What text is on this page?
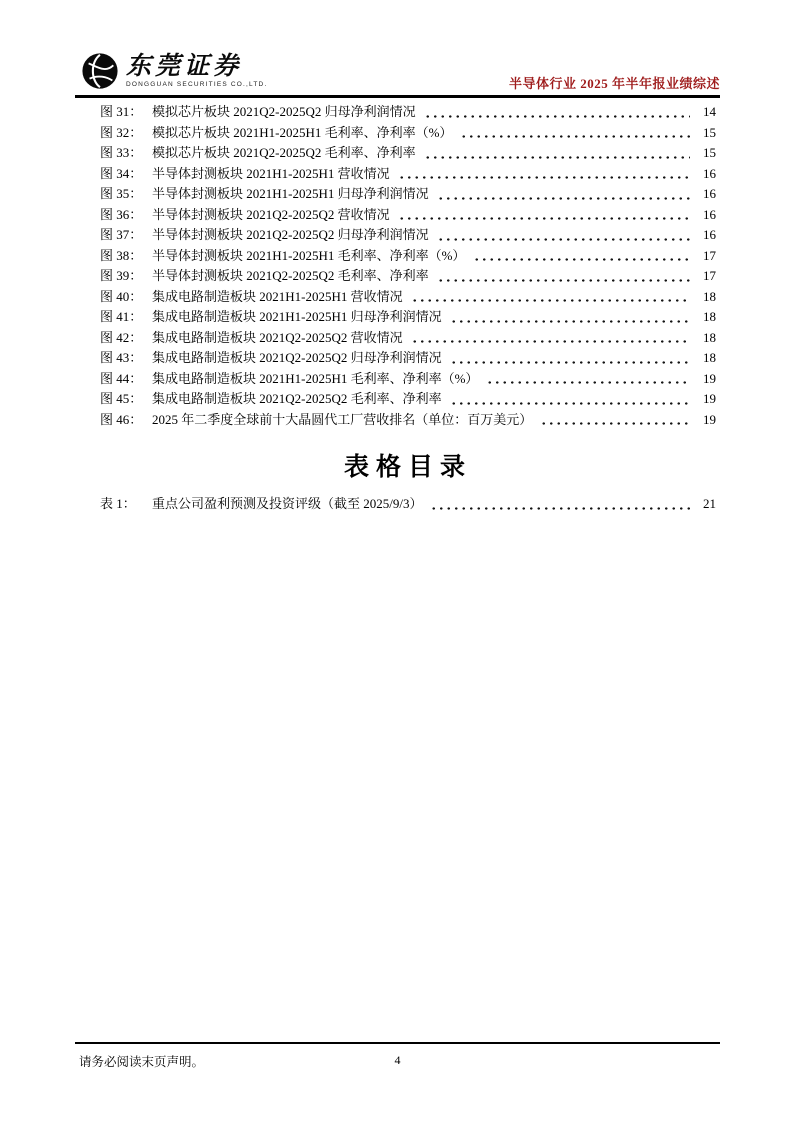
东莞证券
DONGGUAN SECURITIES CO.,LTD.	半导体行业 2025 年半年报业绩综述
图 31： 模拟芯片板块 2021Q2-2025Q2 归母净利润情况	14
图 32： 模拟芯片板块 2021H1-2025H1 毛利率、净利率（%）	15
图 33： 模拟芯片板块 2021Q2-2025Q2 毛利率、净利率	15
图 34： 半导体封测板块 2021H1-2025H1 营收情况	16
图 35： 半导体封测板块 2021H1-2025H1 归母净利润情况	16
图 36： 半导体封测板块 2021Q2-2025Q2 营收情况	16
图 37： 半导体封测板块 2021Q2-2025Q2 归母净利润情况	16
图 38： 半导体封测板块 2021H1-2025H1 毛利率、净利率（%）	17
图 39： 半导体封测板块 2021Q2-2025Q2 毛利率、净利率	17
图 40： 集成电路制造板块 2021H1-2025H1 营收情况	18
图 41： 集成电路制造板块 2021H1-2025H1 归母净利润情况	18
图 42： 集成电路制造板块 2021Q2-2025Q2 营收情况	18
图 43： 集成电路制造板块 2021Q2-2025Q2 归母净利润情况	18
图 44： 集成电路制造板块 2021H1-2025H1 毛利率、净利率（%）	19
图 45： 集成电路制造板块 2021Q2-2025Q2 毛利率、净利率	19
图 46： 2025 年二季度全球前十大晶圆代工厂营收排名（单位：百万美元）	19
表格目录
表 1：	重点公司盈利预测及投资评级（截至 2025/9/3）	21
请务必阅读末页声明。	4
